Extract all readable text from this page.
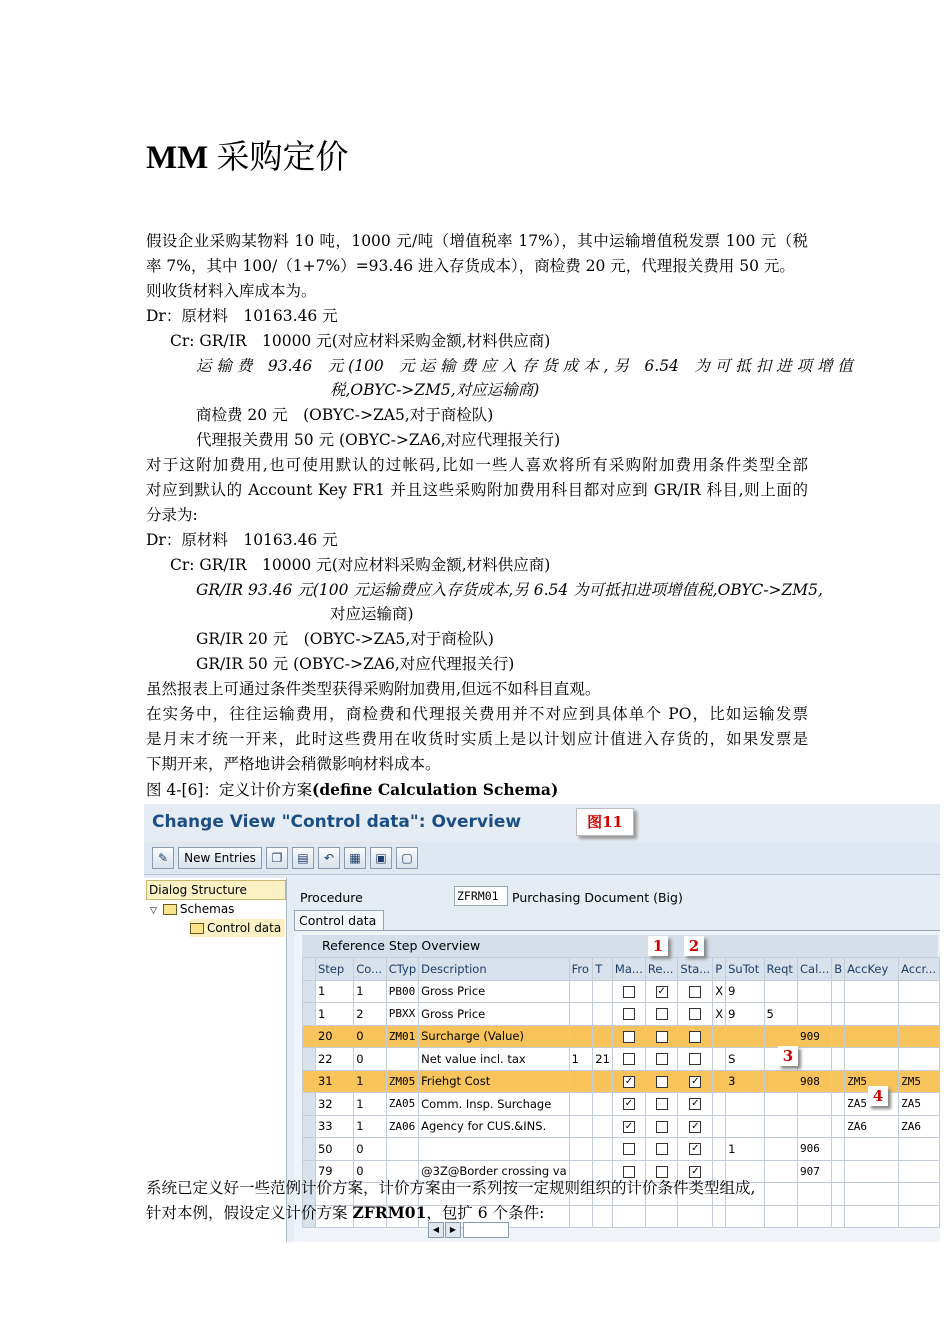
MM 采购定价
假设企业采购某物料 10 吨，1000 元/吨（增值税率 17%），其中运输增值税发票 100 元（税
率 7%，其中 100/（1+7%）=93.46 进入存货成本），商检费 20 元，代理报关费用 50 元。
则收货材料入库成本为。
Dr：原材料　10163.46 元
Cr: GR/IR　10000 元(对应材料采购金额,材料供应商)
运 输 费　93.46　元 (100　元 运 输 费 应 入 存 货 成 本 , 另　6.54　为 可 抵 扣 进 项 增 值
税,OBYC->ZM5,对应运输商)
商检费 20 元　(OBYC->ZA5,对于商检队)
代理报关费用 50 元 (OBYC->ZA6,对应代理报关行)
对于这附加费用,也可使用默认的过帐码,比如一些人喜欢将所有采购附加费用条件类型全部
对应到默认的 Account Key FR1 并且这些采购附加费用科目都对应到 GR/IR 科目,则上面的
分录为:
Dr：原材料　10163.46 元
Cr: GR/IR　10000 元(对应材料采购金额,材料供应商)
GR/IR 93.46 元(100 元运输费应入存货成本,另 6.54 为可抵扣进项增值税,OBYC->ZM5,
对应运输商)
GR/IR 20 元　(OBYC->ZA5,对于商检队)
GR/IR 50 元 (OBYC->ZA6,对应代理报关行)
虽然报表上可通过条件类型获得采购附加费用,但远不如科目直观。
在实务中，往往运输费用，商检费和代理报关费用并不对应到具体单个 PO，比如运输发票
是月末才统一开来，此时这些费用在收货时实质上是以计划应计值进入存货的，如果发票是
下期开来，严格地讲会稍微影响材料成本。
图 4-[6]：定义计价方案(define Calculation Schema)
Change View "Control data": Overview	图11
✎	New Entries	❐	▤	↶	▦	▣	▢
Dialog Structure
▽ Schemas
Control data
Procedure	ZFRM01	Purchasing Document (Big)
Control data
Reference Step Overview
	Step	Co...	CTyp	Description	Fro	T	Ma...	Re...	Sta...	P	SuTot	Reqt	Cal...	B	AccKey	Accr...
	1	1	PB00	Gross Price				✓		X	9					
	1	2	PBXX	Gross Price						X	9	5				
	20	0	ZM01	Surcharge (Value)									909			
	22	0		Net value incl. tax	1	21					S					
	31	1	ZM05	Friehgt Cost			✓		✓		3		908		ZM5	ZM5
	32	1	ZA05	Comm. Insp. Surchage			✓		✓						ZA5	ZA5
	33	1	ZA06	Agency for CUS.&INS.			✓		✓						ZA6	ZA6
	50	0							✓		1		906			
	79	0		@3Z@Border crossing va					✓				907			

◀	▶
1	2
3
4
系统已定义好一些范例计价方案，计价方案由一系列按一定规则组织的计价条件类型组成,
针对本例，假设定义计价方案 ZFRM01，包扩 6 个条件:
